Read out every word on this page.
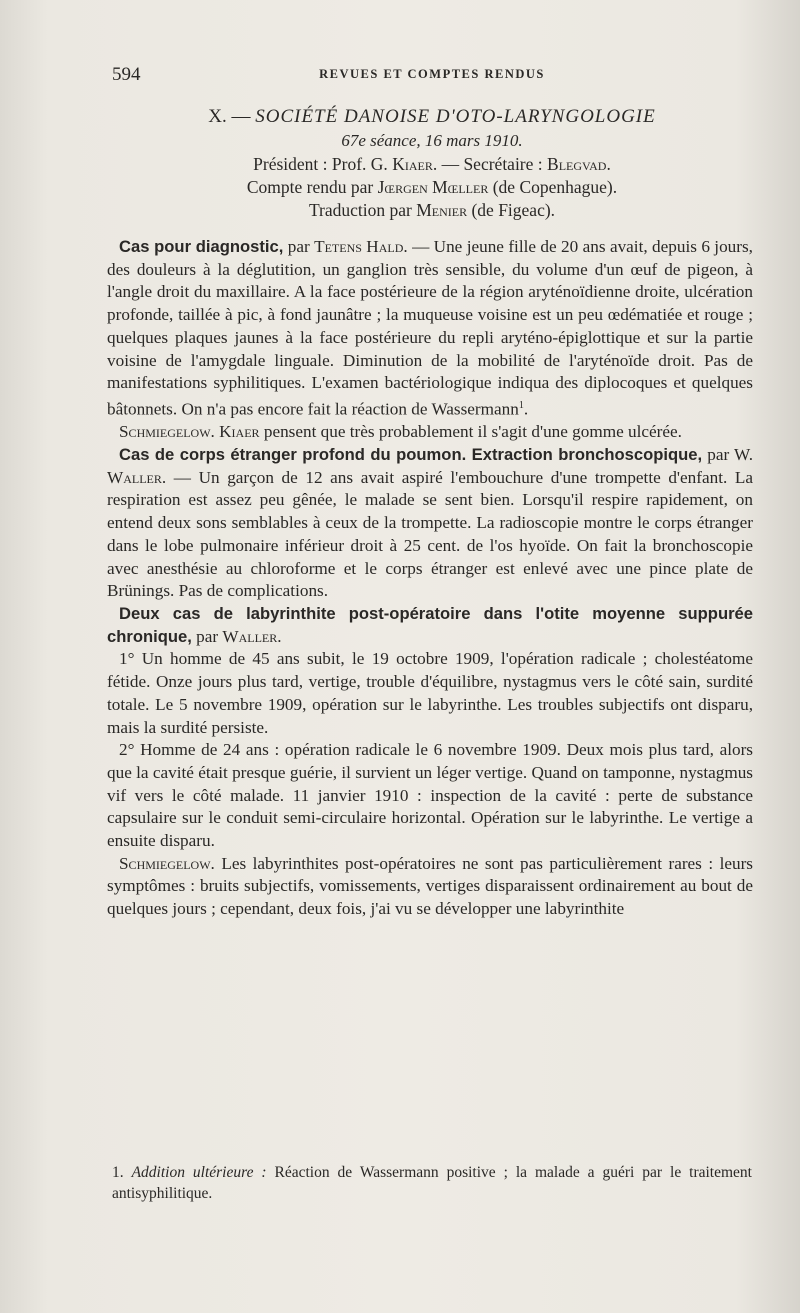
594	REVUES ET COMPTES RENDUS
X. — SOCIÉTÉ DANOISE D'OTO-LARYNGOLOGIE
67e séance, 16 mars 1910.
Président : Prof. G. Kiaer. — Secrétaire : Blegvad.
Compte rendu par Jœrgen Mœller (de Copenhague).
Traduction par Menier (de Figeac).

Cas pour diagnostic, par Tetens Hald. — Une jeune fille de 20 ans avait, depuis 6 jours, des douleurs à la déglutition, un ganglion très sensible, du volume d'un œuf de pigeon, à l'angle droit du maxillaire. A la face postérieure de la région aryténoïdienne droite, ulcération profonde, taillée à pic, à fond jaunâtre ; la muqueuse voisine est un peu œdématiée et rouge ; quelques plaques jaunes à la face postérieure du repli aryténo-épiglottique et sur la partie voisine de l'amygdale linguale. Diminution de la mobilité de l'aryténoïde droit. Pas de manifestations syphilitiques. L'examen bactériologique indiqua des diplocoques et quelques bâtonnets. On n'a pas encore fait la réaction de Wassermann$^1$.

Schmiegelow. Kiaer pensent que très probablement il s'agit d'une gomme ulcérée.

Cas de corps étranger profond du poumon. Extraction bronchoscopique, par W. Waller. — Un garçon de 12 ans avait aspiré l'embouchure d'une trompette d'enfant. La respiration est assez peu gênée, le malade se sent bien. Lorsqu'il respire rapidement, on entend deux sons semblables à ceux de la trompette. La radioscopie montre le corps étranger dans le lobe pulmonaire inférieur droit à 25 cent. de l'os hyoïde. On fait la bronchoscopie avec anesthésie au chloroforme et le corps étranger est enlevé avec une pince plate de Brünings. Pas de complications.

Deux cas de labyrinthite post-opératoire dans l'otite moyenne suppurée chronique, par Waller.

1° Un homme de 45 ans subit, le 19 octobre 1909, l'opération radicale ; cholestéatome fétide. Onze jours plus tard, vertige, trouble d'équilibre, nystagmus vers le côté sain, surdité totale. Le 5 novembre 1909, opération sur le labyrinthe. Les troubles subjectifs ont disparu, mais la surdité persiste.

2° Homme de 24 ans : opération radicale le 6 novembre 1909. Deux mois plus tard, alors que la cavité était presque guérie, il survient un léger vertige. Quand on tamponne, nystagmus vif vers le côté malade. 11 janvier 1910 : inspection de la cavité : perte de substance capsulaire sur le conduit semi-circulaire horizontal. Opération sur le labyrinthe. Le vertige a ensuite disparu.

Schmiegelow. Les labyrinthites post-opératoires ne sont pas particulièrement rares : leurs symptômes : bruits subjectifs, vomissements, vertiges disparaissent ordinairement au bout de quelques jours ; cependant, deux fois, j'ai vu se développer une labyrinthite

1. Addition ultérieure : Réaction de Wassermann positive ; la malade a guéri par le traitement antisyphilitique.
